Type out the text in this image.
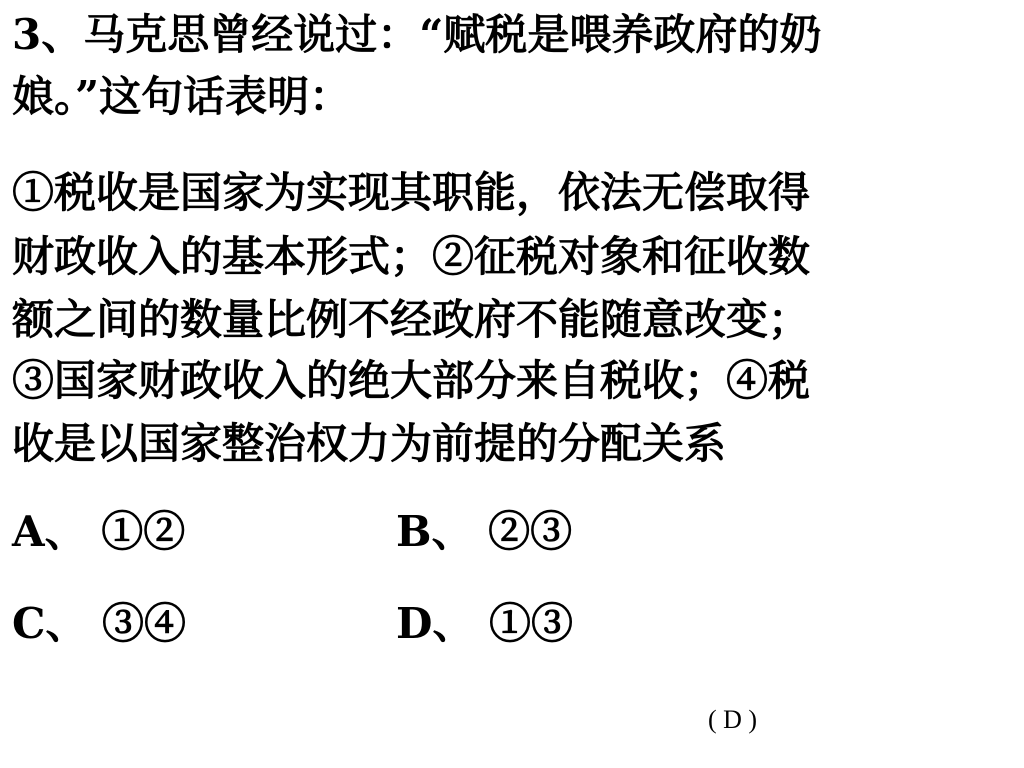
3、马克思曾经说过：“赋税是喂养政府的奶
娘。”这句话表明：
①税收是国家为实现其职能，依法无偿取得
财政收入的基本形式；②征税对象和征收数
额之间的数量比例不经政府不能随意改变；
③国家财政收入的绝大部分来自税收；④税
收是以国家整治权力为前提的分配关系
A、 ①②	B、 ②③
C、 ③④	D、 ①③
( D )
